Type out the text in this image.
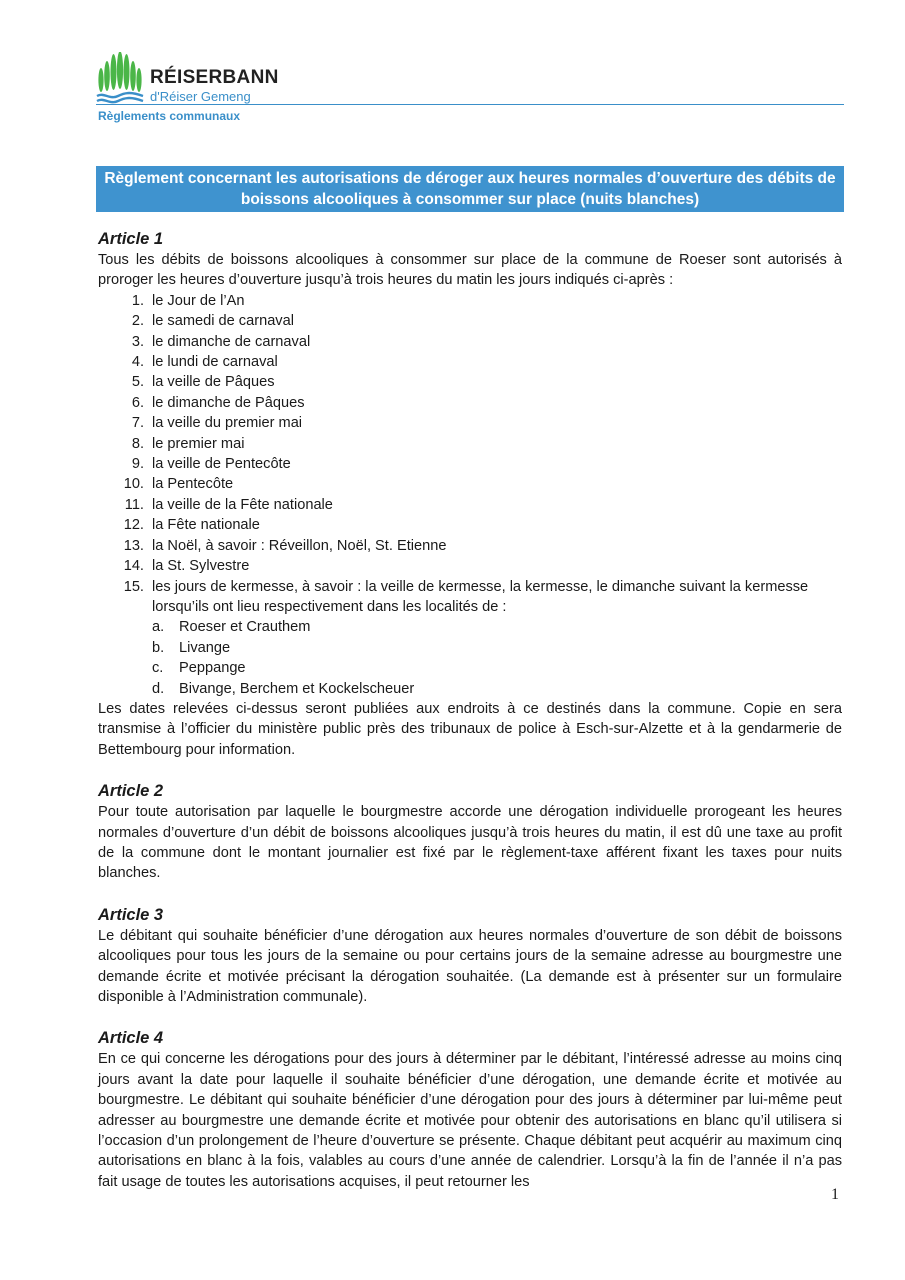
RÉISERBANN
d'Réiser Gemeng
Règlements communaux
Règlement concernant les autorisations de déroger aux heures normales d’ouverture des débits de boissons alcooliques à consommer sur place (nuits blanches)
Article 1

Tous les débits de boissons alcooliques à consommer sur place de la commune de Roeser sont autorisés à proroger les heures d’ouverture jusqu’à trois heures du matin les jours indiqués ci-après :

1. le Jour de l’An
2. le samedi de carnaval
3. le dimanche de carnaval
4. le lundi de carnaval
5. la veille de Pâques
6. le dimanche de Pâques
7. la veille du premier mai
8. le premier mai
9. la veille de Pentecôte
10. la Pentecôte
11. la veille de la Fête nationale
12. la Fête nationale
13. la Noël, à savoir : Réveillon, Noël, St. Etienne
14. la St. Sylvestre
15. les jours de kermesse, à savoir : la veille de kermesse, la kermesse, le dimanche suivant la kermesse lorsqu’ils ont lieu respectivement dans les localités de :
a.	Roeser et Crauthem
b.	Livange
c.	Peppange
d.	Bivange, Berchem et Kockelscheuer

Les dates relevées ci-dessus seront publiées aux endroits à ce destinés dans la commune. Copie en sera transmise à l’officier du ministère public près des tribunaux de police à Esch-sur-Alzette et à la gendarmerie de Bettembourg pour information.

Article 2

Pour toute autorisation par laquelle le bourgmestre accorde une dérogation individuelle prorogeant les heures normales d’ouverture d’un débit de boissons alcooliques jusqu’à trois heures du matin, il est dû une taxe au profit de la commune dont le montant journalier est fixé par le règlement-taxe afférent fixant les taxes pour nuits blanches.

Article 3

Le débitant qui souhaite bénéficier d’une dérogation aux heures normales d’ouverture de son débit de boissons alcooliques pour tous les jours de la semaine ou pour certains jours de la semaine adresse au bourgmestre une demande écrite et motivée précisant la dérogation souhaitée. (La demande est à présenter sur un formulaire disponible à l’Administration communale).

Article 4

En ce qui concerne les dérogations pour des jours à déterminer par le débitant, l’intéressé adresse au moins cinq jours avant la date pour laquelle il souhaite bénéficier d’une dérogation, une demande écrite et motivée au bourgmestre. Le débitant qui souhaite bénéficier d’une dérogation pour des jours à déterminer par lui-même peut adresser au bourgmestre une demande écrite et motivée pour obtenir des autorisations en blanc qu’il utilisera si l’occasion d’un prolongement de l’heure d’ouverture se présente. Chaque débitant peut acquérir au maximum cinq autorisations en blanc à la fois, valables au cours d’une année de calendrier. Lorsqu’à la fin de l’année il n’a pas fait usage de toutes les autorisations acquises, il peut retourner les

1
